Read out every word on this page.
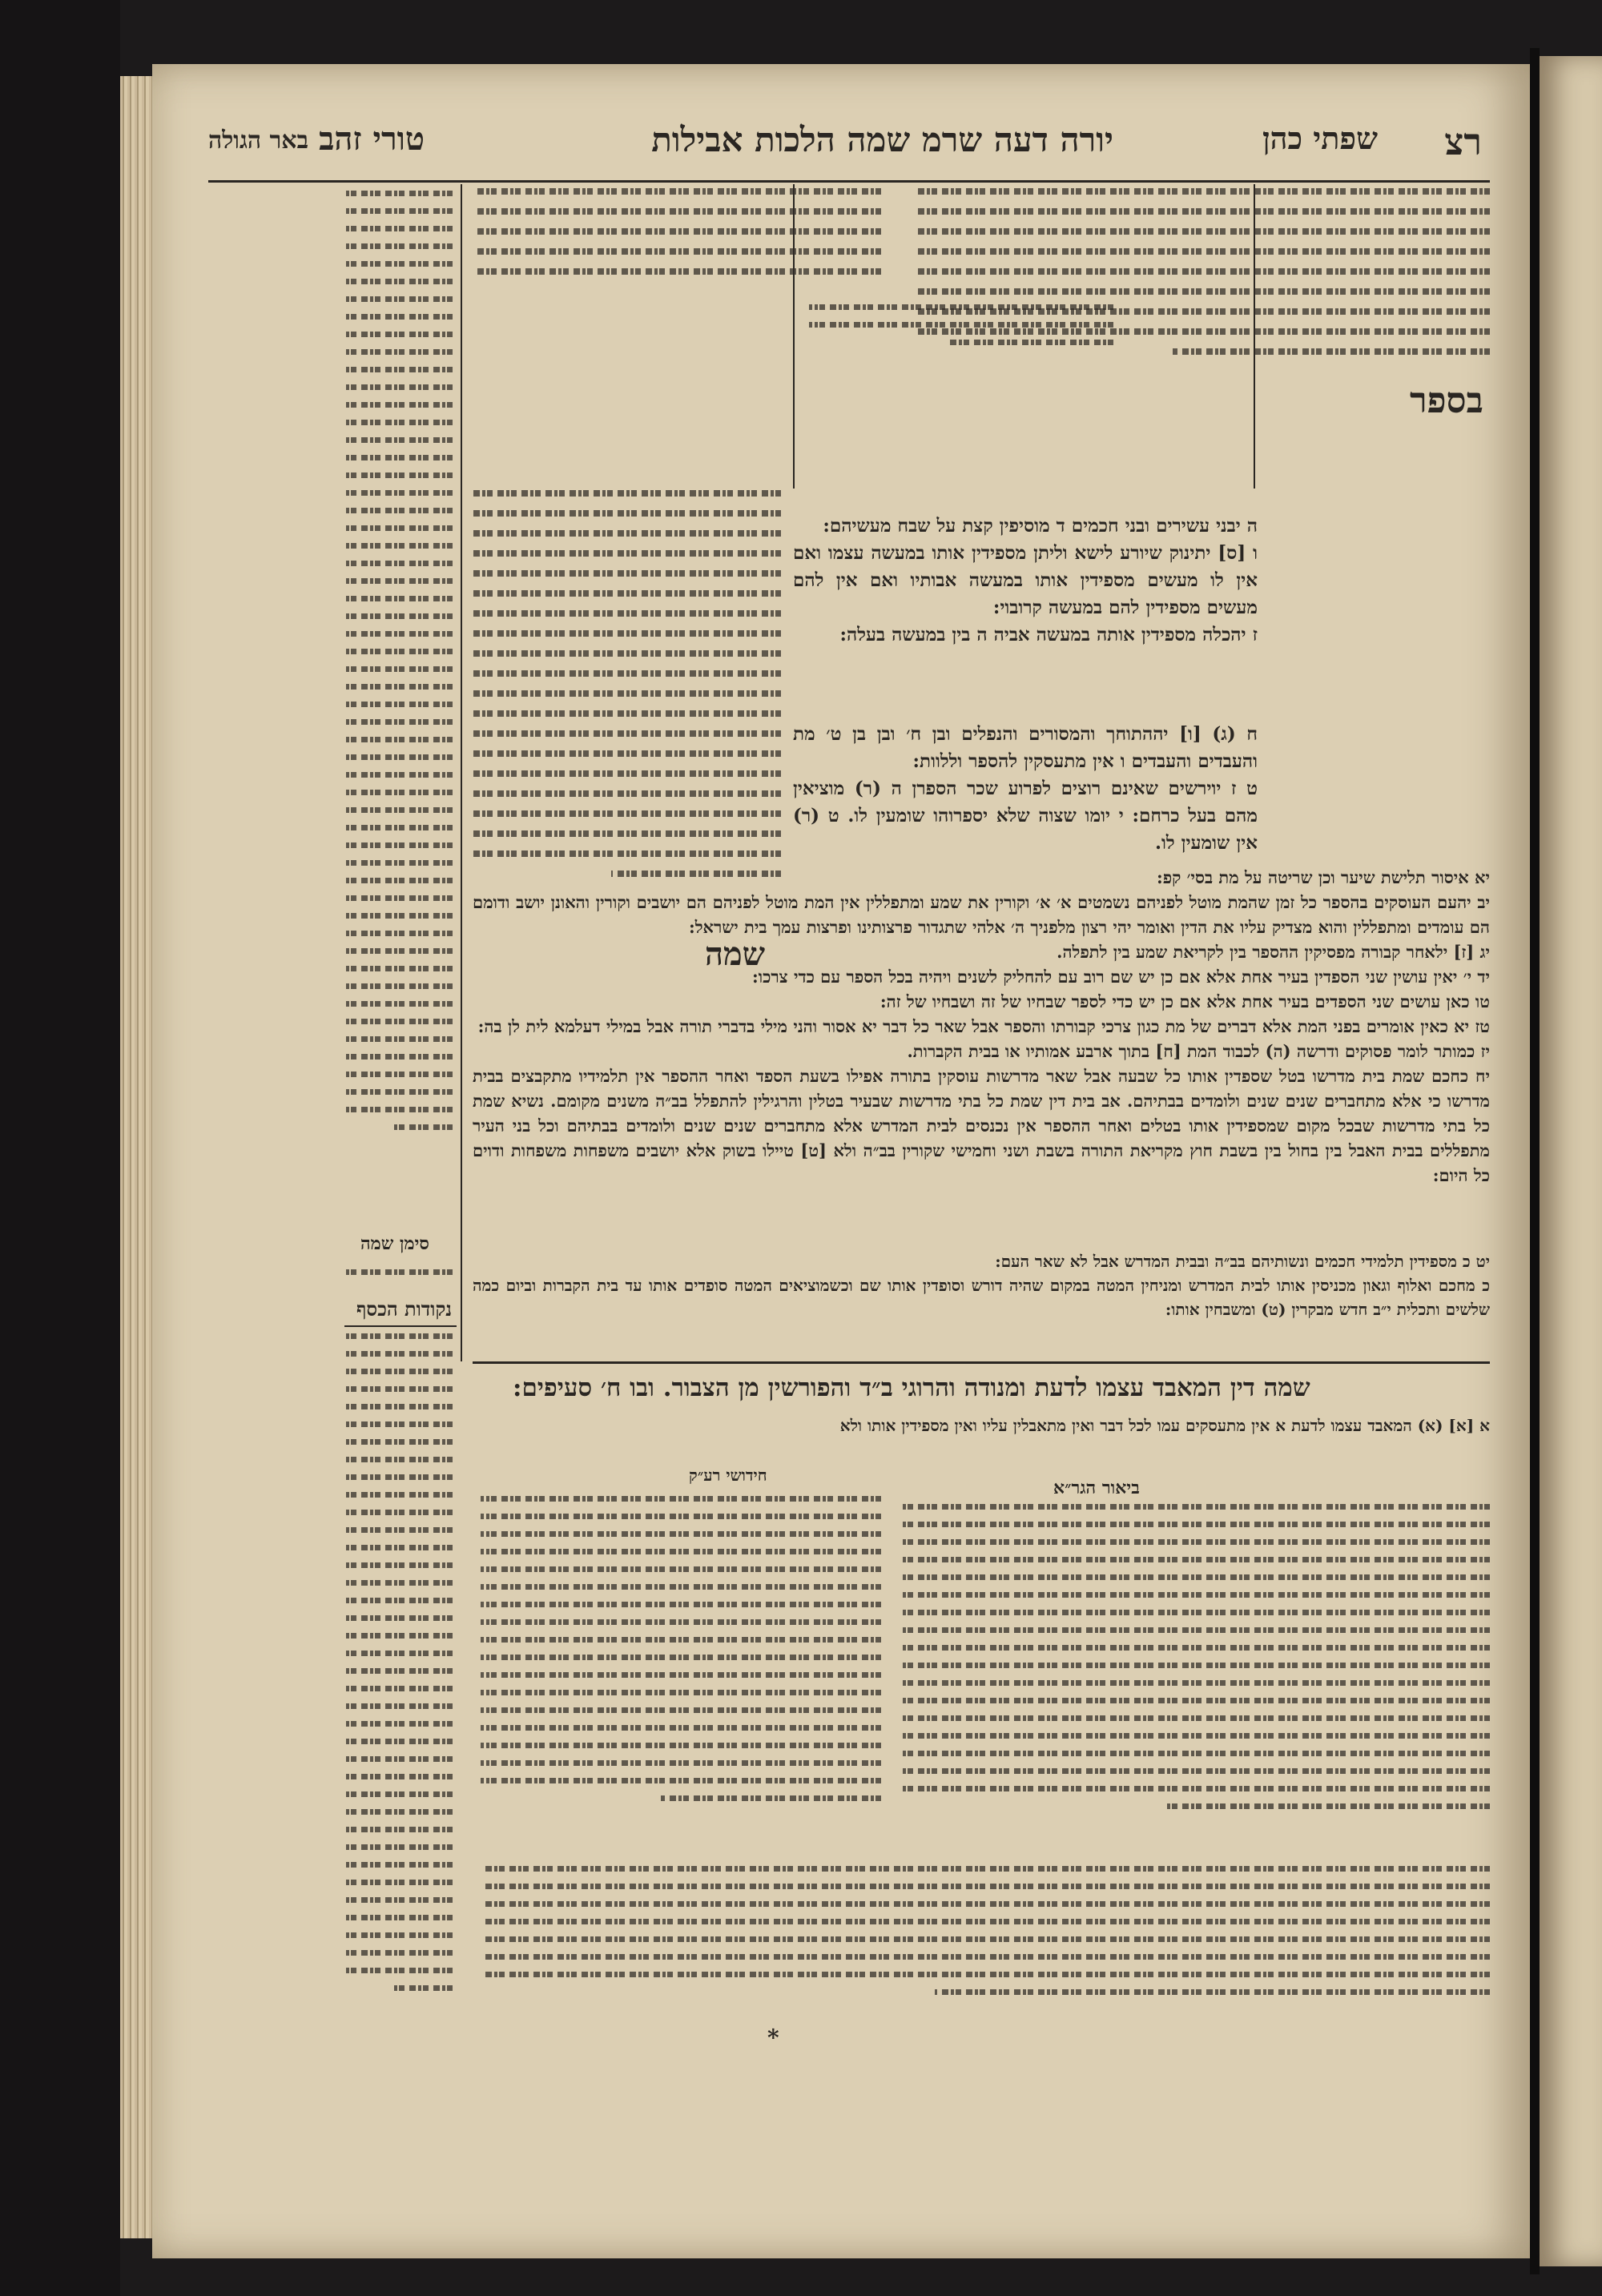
רצ
שפתי כהן
יורה דעה שרמ שמה הלכות אבילות
טורי זהב
באר הגולה
בספר
סימן שמה
נקודות הכסף
ה יבני עשירים ובני חכמים ד מוסיפין קצת על שבח מעשיהם:
ו [ס] יתינוק שיורע לישא וליתן מספידין אותו במעשה עצמו ואם אין לו מעשים מספידין אותו במעשה אבותיו ואם אין להם מעשים מספידין להם במעשה קרובוי:
ז יהכלה מספידין אותה במעשה אביה ה בין במעשה בעלה:
ח (ג) [ו] יההתוחך והמסורים והנפלים ובן ח׳ ובן בן ט׳ מת והעבדים והעבדים ו אין מתעסקין להספר וללוות:
ט ז יוירשים שאינם רוצים לפרוע שכר הספרן ה (ר) מוציאין מהם בעל כרחם: י יומו שצוה שלא יספרוהו שומעין לו. ט (ר) אין שומעין לו.
יא איסור תלישת שיער וכן שריטה על מת בסי׳ קפ:
יב יהעם העוסקים בהספר כל זמן שהמת מוטל לפניהם נשמטים א׳ א׳ וקורין את שמע ומתפללין אין המת מוטל לפניהם הם יושבים וקורין והאונן יושב ודומם הם עומדים ומתפללין והוא מצדיק עליו את הדין ואומר יהי רצון מלפניך ה׳ אלהי שתגדור פרצותינו ופרצות עמך בית ישראל:
יג [ז] ילאחר קבורה מפסיקין ההספר בין לקריאת שמע בין לתפלה.
יד י׳ יאין עושין שני הספדין בעיר אחת אלא אם כן יש שם רוב עם להחליק לשנים ויהיה בכל הספר עם כדי צרכו:
טו כאן עושים שני הספדים בעיר אחת אלא אם כן יש כדי לספר שבחיו של זה ושבחיו של זה:
טז יא כאין אומרים בפני המת אלא דברים של מת כגון צרכי קבורתו והספר אבל שאר כל דבר יא אסור והני מילי בדברי תורה אבל במילי דעלמא לית לן בה:
יז כמותר לומר פסוקים ודרשה (ה) לכבוד המת [ח] בתוך ארבע אמותיו או בבית הקברות.
יח כחכם שמת בית מדרשו בטל שספדין אותו כל שבעה אבל שאר מדרשות עוסקין בתורה אפילו בשעת הספד ואחר ההספר אין תלמידיו מתקבצים בבית מדרשו כי אלא מתחברים שנים שנים ולומדים בבתיהם. אב בית דין שמת כל בתי מדרשות שבעיר בטלין והרגילין להתפלל בב״ה משנים מקומם. נשיא שמת כל בתי מדרשות שבכל מקום שמספידין אותו בטלים ואחר ההספר אין נכנסים לבית המדרש אלא מתחברים שנים שנים ולומדים בבתיהם וכל בני העיר מתפללים בבית האבל בין בחול בין בשבת חוץ מקריאת התורה בשבת ושני וחמישי שקורין בב״ה ולא [ט] טיילו בשוק אלא יושבים משפחות משפחות ודוים כל היום:
שמה
יט כ מספידין תלמידי חכמים ונשותיהם בב״ה ובבית המדרש אבל לא שאר העם:
כ מחכם ואלוף וגאון מכניסין אותו לבית המדרש ומניחין המטה במקום שהיה דורש וסופדין אותו שם וכשמוציאים המטה סופדים אותו עד בית הקברות וביום כמה שלשים ותכלית י״ב חדש מבקרין (ט) ומשבחין אותו:
שמה דין המאבד עצמו לדעת ומנודה והרוגי ב״ד והפורשין מן הצבור. ובו ח׳ סעיפים:
א [א] (א) המאבד עצמו לדעת א אין מתעסקים עמו לכל דבר ואין מתאבלין עליו ואין מספידין אותו ולא
ביאור הגר״א
חידושי רע״ק
*
